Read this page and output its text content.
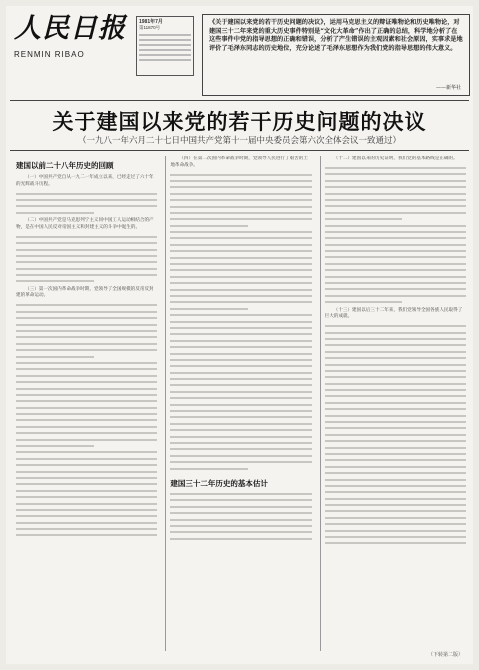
人民日报
RENMIN RIBAO
1981年7月
第11870号
《关于建国以来党的若干历史问题的决议》，运用马克思主义的辩证唯物论和历史唯物论，对建国三十二年来党的重大历史事件特别是“文化大革命”作出了正确的总结，科学地分析了在这些事件中党的指导思想的正确和错误，分析了产生错误的主观因素和社会原因，实事求是地评价了毛泽东同志的历史地位，充分论述了毛泽东思想作为我们党的指导思想的伟大意义。
——新华社
关于建国以来党的若干历史问题的决议
（一九八一年六月二十七日中国共产党第十一届中央委员会第六次全体会议一致通过）
建国以前二十八年历史的回顾

（一）中国共产党自从一九二一年成立以来，已经走过了六十年的光辉战斗历程。

（二）中国共产党是马克思列宁主义同中国工人运动相结合的产物，是在中国人民反对帝国主义和封建主义的斗争中诞生的。

（三）第一次国内革命战争时期，党领导了全国规模的反帝反封建的革命运动。

（四）在第二次国内革命战争时期，党领导人民进行了艰苦的土地革命战争。

建国三十二年历史的基本估计

（十二）建国以来的历史证明，我们党的基本路线是正确的。

（十三）建国以后三十二年来，我们党领导全国各族人民取得了巨大的成就。

（下转第二版）
